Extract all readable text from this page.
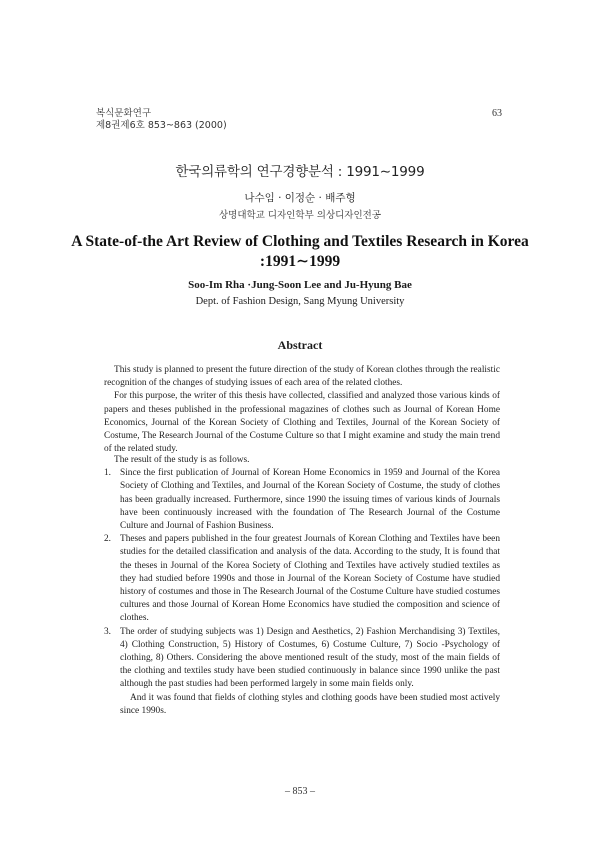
복식문화연구
제8권제6호 853~863 (2000)
63
한국의류학의 연구경향분석 : 1991∼1999
나수임 · 이정순 · 배주형
상명대학교 디자인학부 의상디자인전공
A State-of-the Art Review of Clothing and Textiles Research in Korea
:1991∼1999
Soo-Im Rha ·Jung-Soon Lee and Ju-Hyung Bae
Dept. of Fashion Design, Sang Myung University
Abstract

This study is planned to present the future direction of the study of Korean clothes through the realistic recognition of the changes of studying issues of each area of the related clothes.

For this purpose, the writer of this thesis have collected, classified and analyzed those various kinds of papers and theses published in the professional magazines of clothes such as Journal of Korean Home Economics, Journal of the Korean Society of Clothing and Textiles, Journal of the Korean Society of Costume, The Research Journal of the Costume Culture so that I might examine and study the main trend of the related study.

The result of the study is as follows.

1. Since the first publication of Journal of Korean Home Economics in 1959 and Journal of the Korea Society of Clothing and Textiles, and Journal of the Korean Society of Costume, the study of clothes has been gradually increased. Furthermore, since 1990 the issuing times of various kinds of Journals have been continuously increased with the foundation of The Research Journal of the Costume Culture and Journal of Fashion Business.
2. Theses and papers published in the four greatest Journals of Korean Clothing and Textiles have been studies for the detailed classification and analysis of the data. According to the study, It is found that the theses in Journal of the Korea Society of Clothing and Textiles have actively studied textiles as they had studied before 1990s and those in Journal of the Korean Society of Costume have studied history of costumes and those in The Research Journal of the Costume Culture have studied costumes cultures and those Journal of Korean Home Economics have studied the composition and science of clothes.
3. The order of studying subjects was 1) Design and Aesthetics, 2) Fashion Merchandising 3) Textiles, 4) Clothing Construction, 5) History of Costumes, 6) Costume Culture, 7) Socio -Psychology of clothing, 8) Others. Considering the above mentioned result of the study, most of the main fields of the clothing and textiles study have been studied continuously in balance since 1990 unlike the past although the past studies had been performed largely in some main fields only.

And it was found that fields of clothing styles and clothing goods have been studied most actively since 1990s.

– 853 –
